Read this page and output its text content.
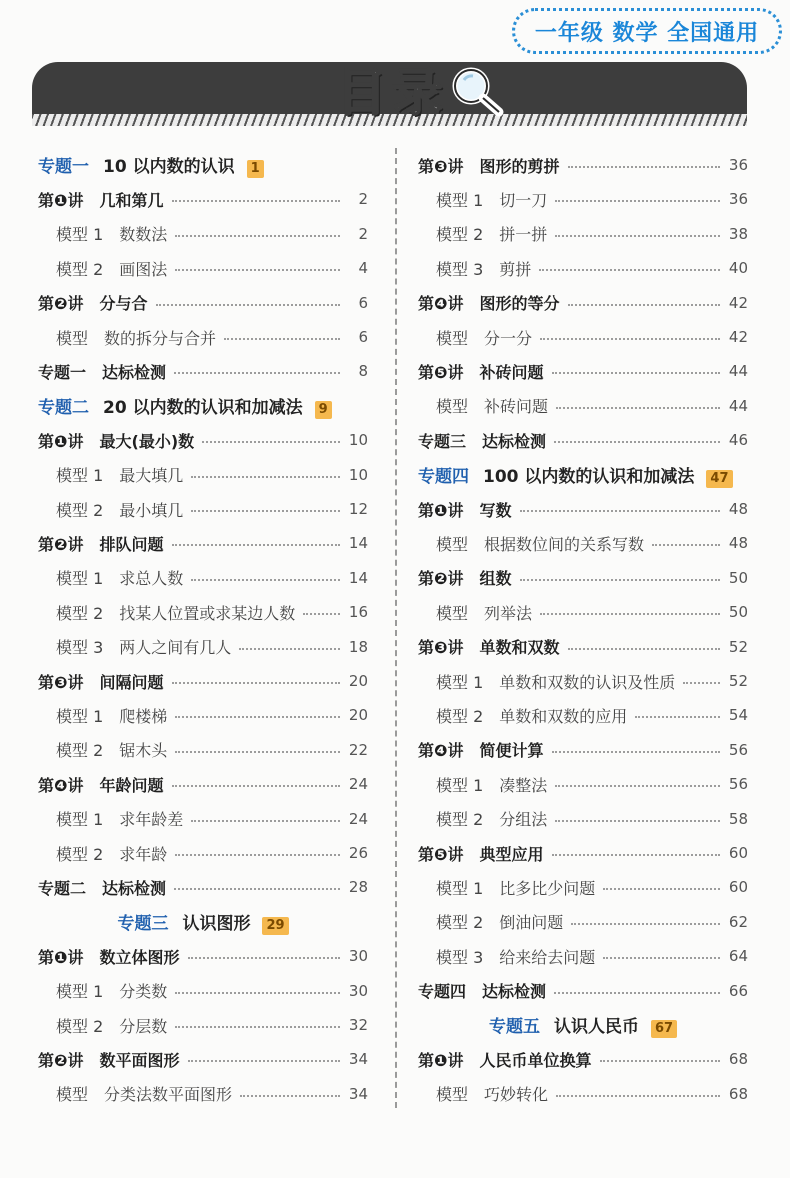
一年级 数学 全国通用
目录
专题一 10 以内数的认识 1
第❶讲　几和第几	2
模型 1　数数法	2
模型 2　画图法	4
第❷讲　分与合	6
模型　数的拆分与合并	6
专题一　达标检测	8
专题二 20 以内数的认识和加减法 9
第❶讲　最大(最小)数	10
模型 1　最大填几	10
模型 2　最小填几	12
第❷讲　排队问题	14
模型 1　求总人数	14
模型 2　找某人位置或求某边人数	16
模型 3　两人之间有几人	18
第❸讲　间隔问题	20
模型 1　爬楼梯	20
模型 2　锯木头	22
第❹讲　年龄问题	24
模型 1　求年龄差	24
模型 2　求年龄	26
专题二　达标检测	28
专题三 认识图形 29
第❶讲　数立体图形	30
模型 1　分类数	30
模型 2　分层数	32
第❷讲　数平面图形	34
模型　分类法数平面图形	34
第❸讲　图形的剪拼	36
模型 1　切一刀	36
模型 2　拼一拼	38
模型 3　剪拼	40
第❹讲　图形的等分	42
模型　分一分	42
第❺讲　补砖问题	44
模型　补砖问题	44
专题三　达标检测	46
专题四 100 以内数的认识和加减法 47
第❶讲　写数	48
模型　根据数位间的关系写数	48
第❷讲　组数	50
模型　列举法	50
第❸讲　单数和双数	52
模型 1　单数和双数的认识及性质	52
模型 2　单数和双数的应用	54
第❹讲　简便计算	56
模型 1　凑整法	56
模型 2　分组法	58
第❺讲　典型应用	60
模型 1　比多比少问题	60
模型 2　倒油问题	62
模型 3　给来给去问题	64
专题四　达标检测	66
专题五 认识人民币 67
第❶讲　人民币单位换算	68
模型　巧妙转化	68
